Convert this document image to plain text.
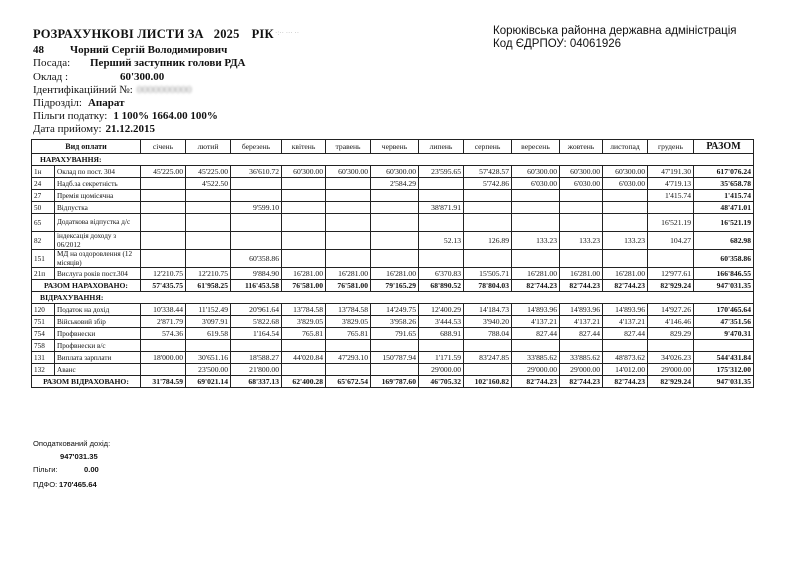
РОЗРАХУНКОВІ ЛИСТИ ЗА 2025 РІК ·:·· ··· ··
48 Чорний Сергій Володимирович
Посада: Перший заступник голови РДА
Оклад :	60'300.00
Ідентифікаційний №: 0000000000
Підрозділ: Апарат
Пільги податку: 1 100% 1664.00 100%
Дата прийому: 21.12.2015
Корюківська районна державна адміністрація
Код ЄДРПОУ: 04061926
Вид оплати		січень	лютий	березень	квітень	травень	червень	липень	серпень	вересень	жовтень	листопад	грудень	РАЗОМ
НАРАХУВАННЯ:														
1н	Оклад по пост. 304	45'225.00	45'225.00	36'610.72	60'300.00	60'300.00	60'300.00	23'595.65	57'428.57	60'300.00	60'300.00	60'300.00	47'191.30	617'076.24
24	Надб.за секретність		4'522.50				2'584.29		5'742.86	6'030.00	6'030.00	6'030.00	4'719.13	35'658.78
27	Премія щомісячна												1'415.74	1'415.74
50	Відпустка			9'599.10				38'871.91						48'471.01
65	Додаткова відпустка д/с												16'521.19	16'521.19
82	індексація доходу з 06/2012							52.13	126.89	133.23	133.23	133.23	104.27	682.98
151	МД на оздоровлення (12 місяців)			60'358.86										60'358.86
21п	Вислуга років пост.304	12'210.75	12'210.75	9'884.90	16'281.00	16'281.00	16'281.00	6'370.83	15'505.71	16'281.00	16'281.00	16'281.00	12'977.61	166'846.55
РАЗОМ НАРАХОВАНО:		57'435.75	61'958.25	116'453.58	76'581.00	76'581.00	79'165.29	68'890.52	78'804.03	82'744.23	82'744.23	82'744.23	82'929.24	947'031.35
ВІДРАХУВАННЯ:														
120	Податок на дохід	10'338.44	11'152.49	20'961.64	13'784.58	13'784.58	14'249.75	12'400.29	14'184.73	14'893.96	14'893.96	14'893.96	14'927.26	170'465.64
751	Військовий збір	2'871.79	3'097.91	5'822.68	3'829.05	3'829.05	3'958.26	3'444.53	3'940.20	4'137.21	4'137.21	4'137.21	4'146.46	47'351.56
754	Профвнески	574.36	619.58	1'164.54	765.81	765.81	791.65	688.91	788.04	827.44	827.44	827.44	829.29	9'470.31
758	Профвнески в/с													
131	Виплата зарплати	18'000.00	30'651.16	18'588.27	44'020.84	47'293.10	150'787.94	1'171.59	83'247.85	33'885.62	33'885.62	48'873.62	34'026.23	544'431.84
132	Аванс		23'500.00	21'800.00				29'000.00		29'000.00	29'000.00	14'012.00	29'000.00	175'312.00
РАЗОМ ВІДРАХОВАНО:		31'784.59	69'021.14	68'337.13	62'400.28	65'672.54	169'787.60	46'705.32	102'160.82	82'744.23	82'744.23	82'744.23	82'929.24	947'031.35
Оподаткований дохід:
947'031.35
Пільги:	0.00
ПДФО: 170'465.64
